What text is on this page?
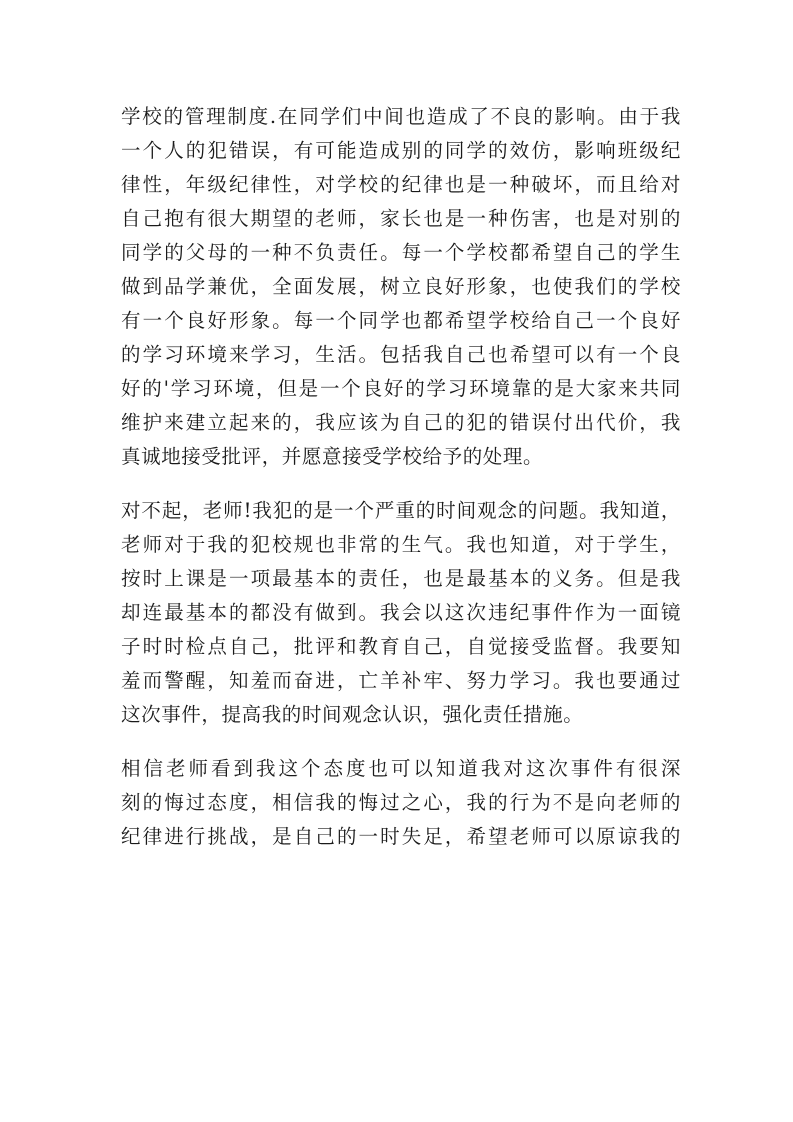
学校的管理制度.在同学们中间也造成了不良的影响。由于我
一个人的犯错误，有可能造成别的同学的效仿，影响班级纪
律性，年级纪律性，对学校的纪律也是一种破坏，而且给对
自己抱有很大期望的老师，家长也是一种伤害，也是对别的
同学的父母的一种不负责任。每一个学校都希望自己的学生
做到品学兼优，全面发展，树立良好形象，也使我们的学校
有一个良好形象。每一个同学也都希望学校给自己一个良好
的学习环境来学习，生活。包括我自己也希望可以有一个良
好的'学习环境，但是一个良好的学习环境靠的是大家来共同
维护来建立起来的，我应该为自己的犯的错误付出代价，我
真诚地接受批评，并愿意接受学校给予的处理。
对不起，老师!我犯的是一个严重的时间观念的问题。我知道，
老师对于我的犯校规也非常的生气。我也知道，对于学生，
按时上课是一项最基本的责任，也是最基本的义务。但是我
却连最基本的都没有做到。我会以这次违纪事件作为一面镜
子时时检点自己，批评和教育自己，自觉接受监督。我要知
羞而警醒，知羞而奋进，亡羊补牢、努力学习。我也要通过
这次事件，提高我的时间观念认识，强化责任措施。
相信老师看到我这个态度也可以知道我对这次事件有很深
刻的悔过态度，相信我的悔过之心，我的行为不是向老师的
纪律进行挑战，是自己的一时失足，希望老师可以原谅我的
